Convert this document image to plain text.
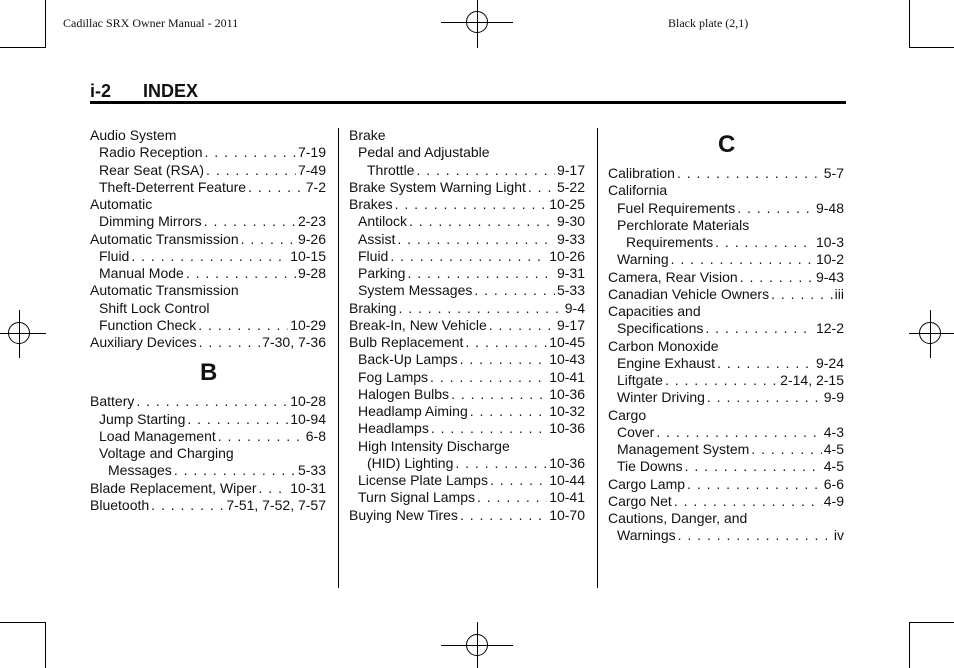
Cadillac SRX Owner Manual - 2011	Black plate (2,1)
i-2 INDEX
Audio System
Radio Reception . . .	7-19
Rear Seat (RSA) . . .	7-49
Theft-Deterrent Feature . . .	7-2
Automatic
Dimming Mirrors . . .	2-23
Automatic Transmission . . .	9-26
Fluid . . .	10-15
Manual Mode . . .	9-28
Automatic Transmission
Shift Lock Control
Function Check . . .	10-29
Auxiliary Devices . . .	7-30, 7-36
B
Battery . . .	10-28
Jump Starting . . .	10-94
Load Management . . .	6-8
Voltage and Charging
Messages . . .	5-33
Blade Replacement, Wiper . . . 10-31
Bluetooth . . .	7-51, 7-52, 7-57
Brake
Pedal and Adjustable
Throttle . . .	9-17
Brake System Warning Light . . . 5-22
Brakes . . .	10-25
Antilock . . .	9-30
Assist . . .	9-33
Fluid . . .	10-26
Parking . . .	9-31
System Messages . . .	5-33
Braking . . .	9-4
Break-In, New Vehicle . . .	9-17
Bulb Replacement . . .	10-45
Back-Up Lamps . . .	10-43
Fog Lamps . . .	10-41
Halogen Bulbs . . .	10-36
Headlamp Aiming . . .	10-32
Headlamps . . .	10-36
High Intensity Discharge
(HID) Lighting . . .	10-36
License Plate Lamps . . .	10-44
Turn Signal Lamps . . .	10-41
Buying New Tires . . .	10-70
C
Calibration . . .	5-7
California
Fuel Requirements . . .	9-48
Perchlorate Materials
Requirements . . .	10-3
Warning . . .	10-2
Camera, Rear Vision . . .	9-43
Canadian Vehicle Owners . . .	iii
Capacities and
Specifications . . .	12-2
Carbon Monoxide
Engine Exhaust . . .	9-24
Liftgate . . .	2-14, 2-15
Winter Driving . . .	9-9
Cargo
Cover . . .	4-3
Management System . . .	4-5
Tie Downs . . .	4-5
Cargo Lamp . . .	6-6
Cargo Net . . .	4-9
Cautions, Danger, and
Warnings . . .	iv
